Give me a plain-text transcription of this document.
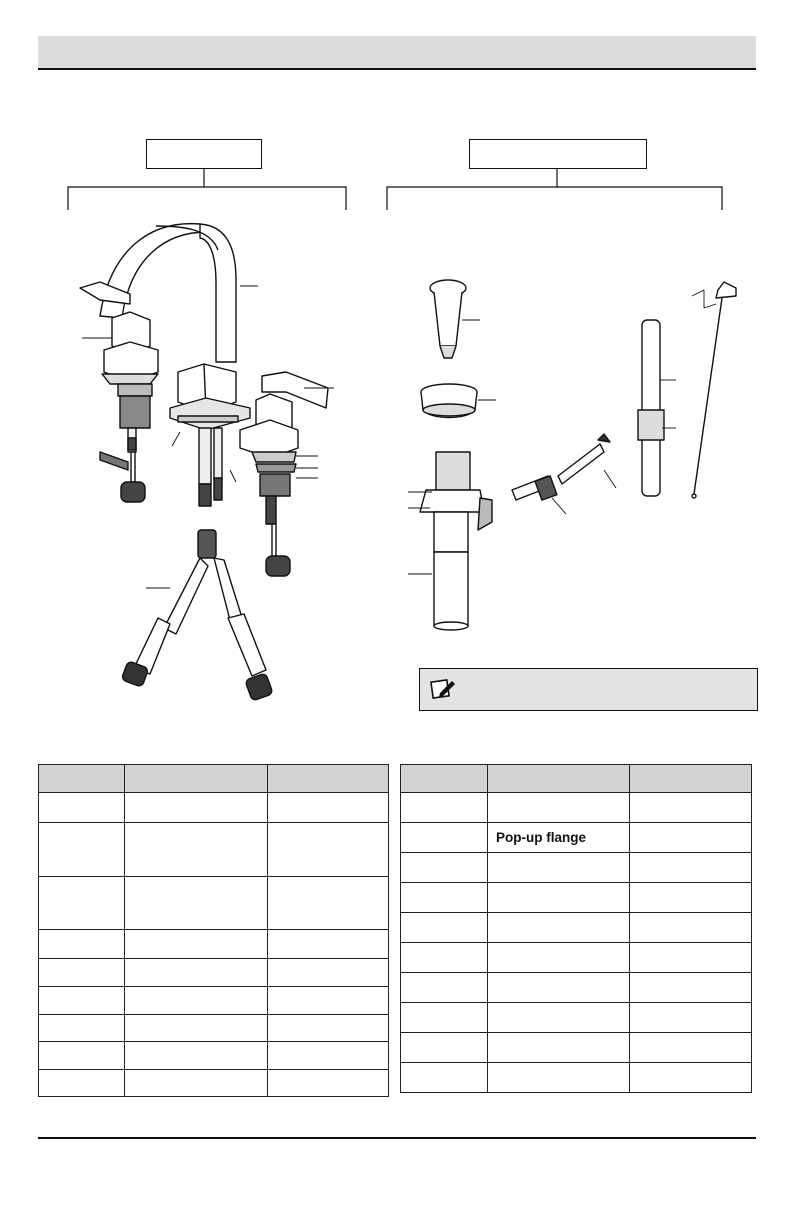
	Pop-up flange	
